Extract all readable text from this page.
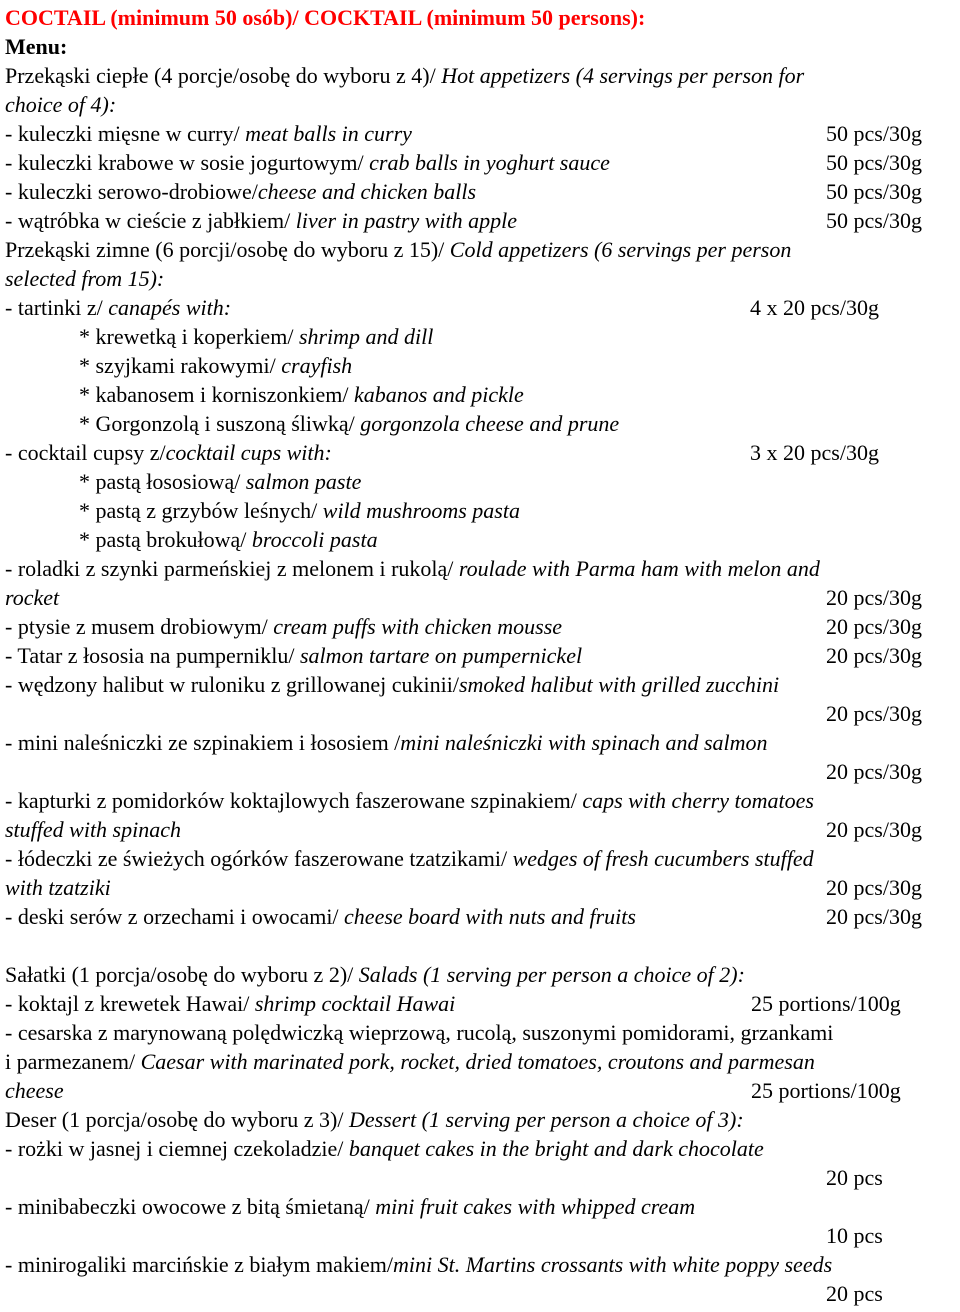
COCTAIL (minimum 50 osób)/ COCKTAIL (minimum 50 persons):
Menu:
Przekąski ciepłe (4 porcje/osobę do wyboru z 4)/ Hot appetizers (4 servings per person for
choice of 4):
- kuleczki mięsne w curry/ meat balls in curry	50 pcs/30g
- kuleczki krabowe w sosie jogurtowym/ crab balls in yoghurt sauce	50 pcs/30g
- kuleczki serowo-drobiowe/cheese and chicken balls	50 pcs/30g
- wątróbka w cieście z jabłkiem/ liver in pastry with apple	50 pcs/30g
Przekąski zimne (6 porcji/osobę do wyboru z 15)/ Cold appetizers (6 servings per person
selected from 15):
- tartinki z/ canapés with:	4 x 20 pcs/30g
* krewetką i koperkiem/ shrimp and dill
* szyjkami rakowymi/ crayfish
* kabanosem i korniszonkiem/ kabanos and pickle
* Gorgonzolą i suszoną śliwką/ gorgonzola cheese and prune
- cocktail cupsy z/cocktail cups with:	3 x 20 pcs/30g
* pastą łososiową/ salmon paste
* pastą z grzybów leśnych/ wild mushrooms pasta
* pastą brokułową/ broccoli pasta
- roladki z szynki parmeńskiej z melonem i rukolą/ roulade with Parma ham with melon and
rocket	20 pcs/30g
- ptysie z musem drobiowym/ cream puffs with chicken mousse	20 pcs/30g
- Tatar z łososia na pumperniklu/ salmon tartare on pumpernickel	20 pcs/30g
- wędzony halibut w ruloniku z grillowanej cukinii/smoked halibut with grilled zucchini
20 pcs/30g
- mini naleśniczki ze szpinakiem i łososiem /mini naleśniczki with spinach and salmon
20 pcs/30g
- kapturki z pomidorków koktajlowych faszerowane szpinakiem/ caps with cherry tomatoes
stuffed with spinach	20 pcs/30g
- łódeczki ze świeżych ogórków faszerowane tzatzikami/ wedges of fresh cucumbers stuffed
with tzatziki	20 pcs/30g
- deski serów z orzechami i owocami/ cheese board with nuts and fruits	20 pcs/30g
Sałatki (1 porcja/osobę do wyboru z 2)/ Salads (1 serving per person a choice of 2):
- koktajl z krewetek Hawai/ shrimp cocktail Hawai	25 portions/100g
- cesarska z marynowaną polędwiczką wieprzową, rucolą, suszonymi pomidorami, grzankami
i parmezanem/ Caesar with marinated pork, rocket, dried tomatoes, croutons and parmesan
cheese	25 portions/100g
Deser (1 porcja/osobę do wyboru z 3)/ Dessert (1 serving per person a choice of 3):
- rożki w jasnej i ciemnej czekoladzie/ banquet cakes in the bright and dark chocolate
20 pcs
- minibabeczki owocowe z bitą śmietaną/ mini fruit cakes with whipped cream
10 pcs
- minirogaliki marcińskie z białym makiem/mini St. Martins crossants with white poppy seeds
20 pcs
